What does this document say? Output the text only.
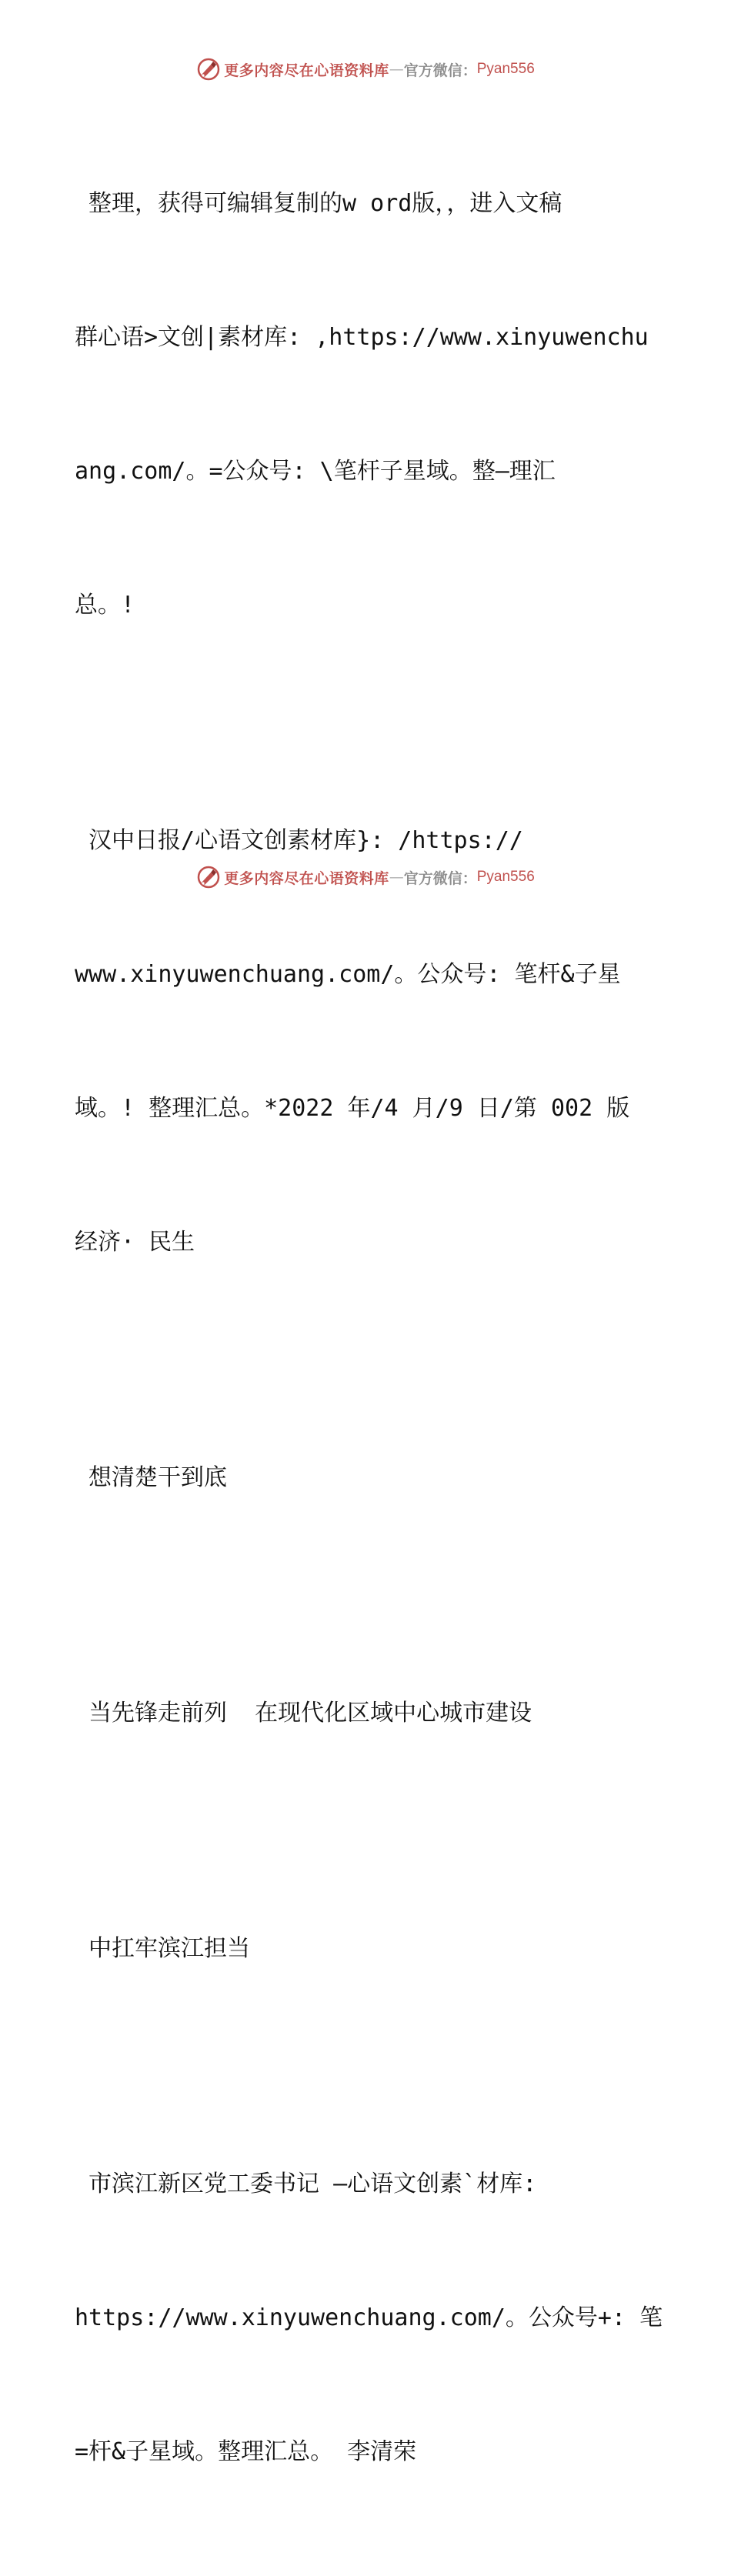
更多内容尽在心语资料库 — 官方微信： Pyan556

整理，获得可编辑复制的w ord版，，进入文稿

群心语>文创|素材库: ,https://www.xinyuwenchu

ang.com/。=公众号: \笔杆子星域。整—理汇

总。!

汉中日报/心语文创素材库}: /https://

www.xinyuwenchuang.com/。公众号: 笔杆&子星

域。! 整理汇总。*2022 年/4 月/9 日/第 002 版

经济· 民生

想清楚干到底

当先锋走前列  在现代化区域中心城市建设

中扛牢滨江担当

市滨江新区党工委书记 —心语文创素`材库:

https://www.xinyuwenchuang.com/。公众号+: 笔

=杆&子星域。整理汇总。 李清荣

更多内容尽在心语资料库 — 官方微信： Pyan556
